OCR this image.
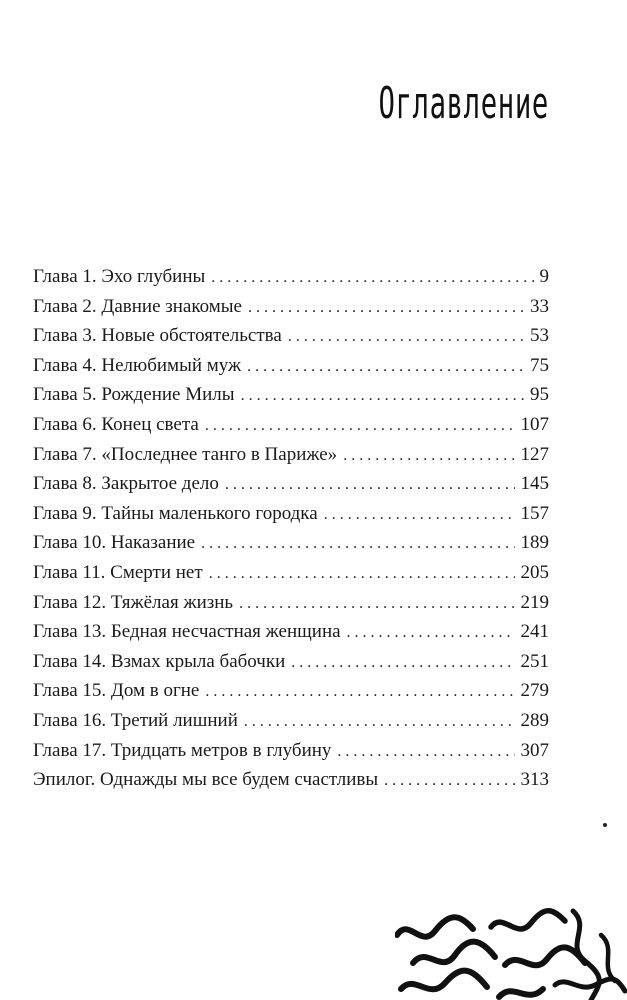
Оглавление
Глава 1. Эхо глубины . . .	9
Глава 2. Давние знакомые . . .	33
Глава 3. Новые обстоятельства . . .	53
Глава 4. Нелюбимый муж . . .	75
Глава 5. Рождение Милы . . .	95
Глава 6. Конец света . . .	107
Глава 7. «Последнее танго в Париже» . . .	127
Глава 8. Закрытое дело . . .	145
Глава 9. Тайны маленького городка . . .	157
Глава 10. Наказание . . .	189
Глава 11. Смерти нет . . .	205
Глава 12. Тяжёлая жизнь . . .	219
Глава 13. Бедная несчастная женщина . . .	241
Глава 14. Взмах крыла бабочки . . .	251
Глава 15. Дом в огне . . .	279
Глава 16. Третий лишний . . .	289
Глава 17. Тридцать метров в глубину . . .	307
Эпилог. Однажды мы все будем счастливы . . .	313
